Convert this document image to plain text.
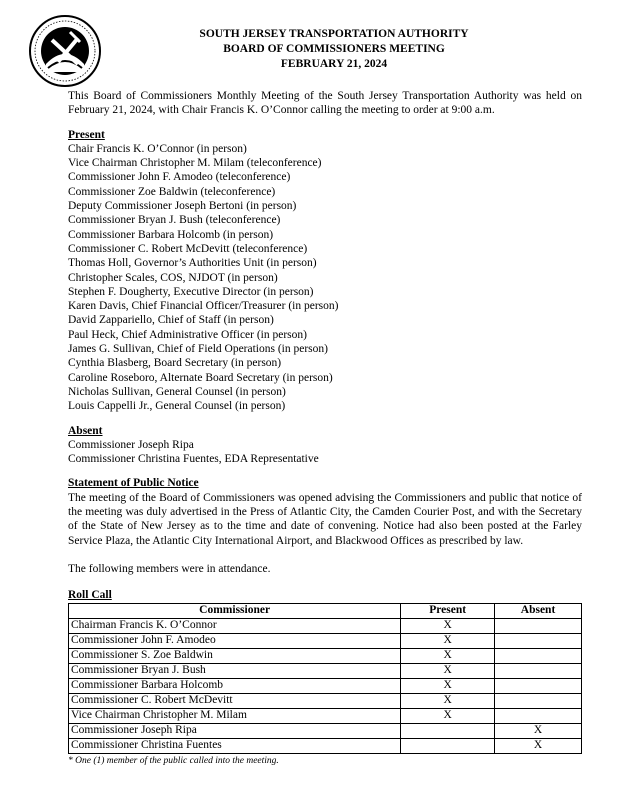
SOUTH JERSEY TRANSPORTATION AUTHORITY
BOARD OF COMMISSIONERS MEETING
FEBRUARY 21, 2024

This Board of Commissioners Monthly Meeting of the South Jersey Transportation Authority was held on February 21, 2024, with Chair Francis K. O’Connor calling the meeting to order at 9:00 a.m.

Present
Chair Francis K. O’Connor (in person)
Vice Chairman Christopher M. Milam (teleconference)
Commissioner John F. Amodeo (teleconference)
Commissioner Zoe Baldwin (teleconference)
Deputy Commissioner Joseph Bertoni (in person)
Commissioner Bryan J. Bush (teleconference)
Commissioner Barbara Holcomb (in person)
Commissioner C. Robert McDevitt (teleconference)
Thomas Holl, Governor’s Authorities Unit (in person)
Christopher Scales, COS, NJDOT (in person)
Stephen F. Dougherty, Executive Director (in person)
Karen Davis, Chief Financial Officer/Treasurer (in person)
David Zappariello, Chief of Staff (in person)
Paul Heck, Chief Administrative Officer (in person)
James G. Sullivan, Chief of Field Operations (in person)
Cynthia Blasberg, Board Secretary (in person)
Caroline Roseboro, Alternate Board Secretary (in person)
Nicholas Sullivan, General Counsel (in person)
Louis Cappelli Jr., General Counsel (in person)
Absent
Commissioner Joseph Ripa
Commissioner Christina Fuentes, EDA Representative
Statement of Public Notice

The meeting of the Board of Commissioners was opened advising the Commissioners and public that notice of the meeting was duly advertised in the Press of Atlantic City, the Camden Courier Post, and with the Secretary of the State of New Jersey as to the time and date of convening. Notice had also been posted at the Farley Service Plaza, the Atlantic City International Airport, and Blackwood Offices as prescribed by law.

The following members were in attendance.
Roll Call
Commissioner	Present	Absent
Chairman Francis K. O’Connor	X	
Commissioner John F. Amodeo	X	
Commissioner S. Zoe Baldwin	X	
Commissioner Bryan J. Bush	X	
Commissioner Barbara Holcomb	X	
Commissioner C. Robert McDevitt	X	
Vice Chairman Christopher M. Milam	X	
Commissioner Joseph Ripa		X
Commissioner Christina Fuentes		X
* One (1) member of the public called into the meeting.
